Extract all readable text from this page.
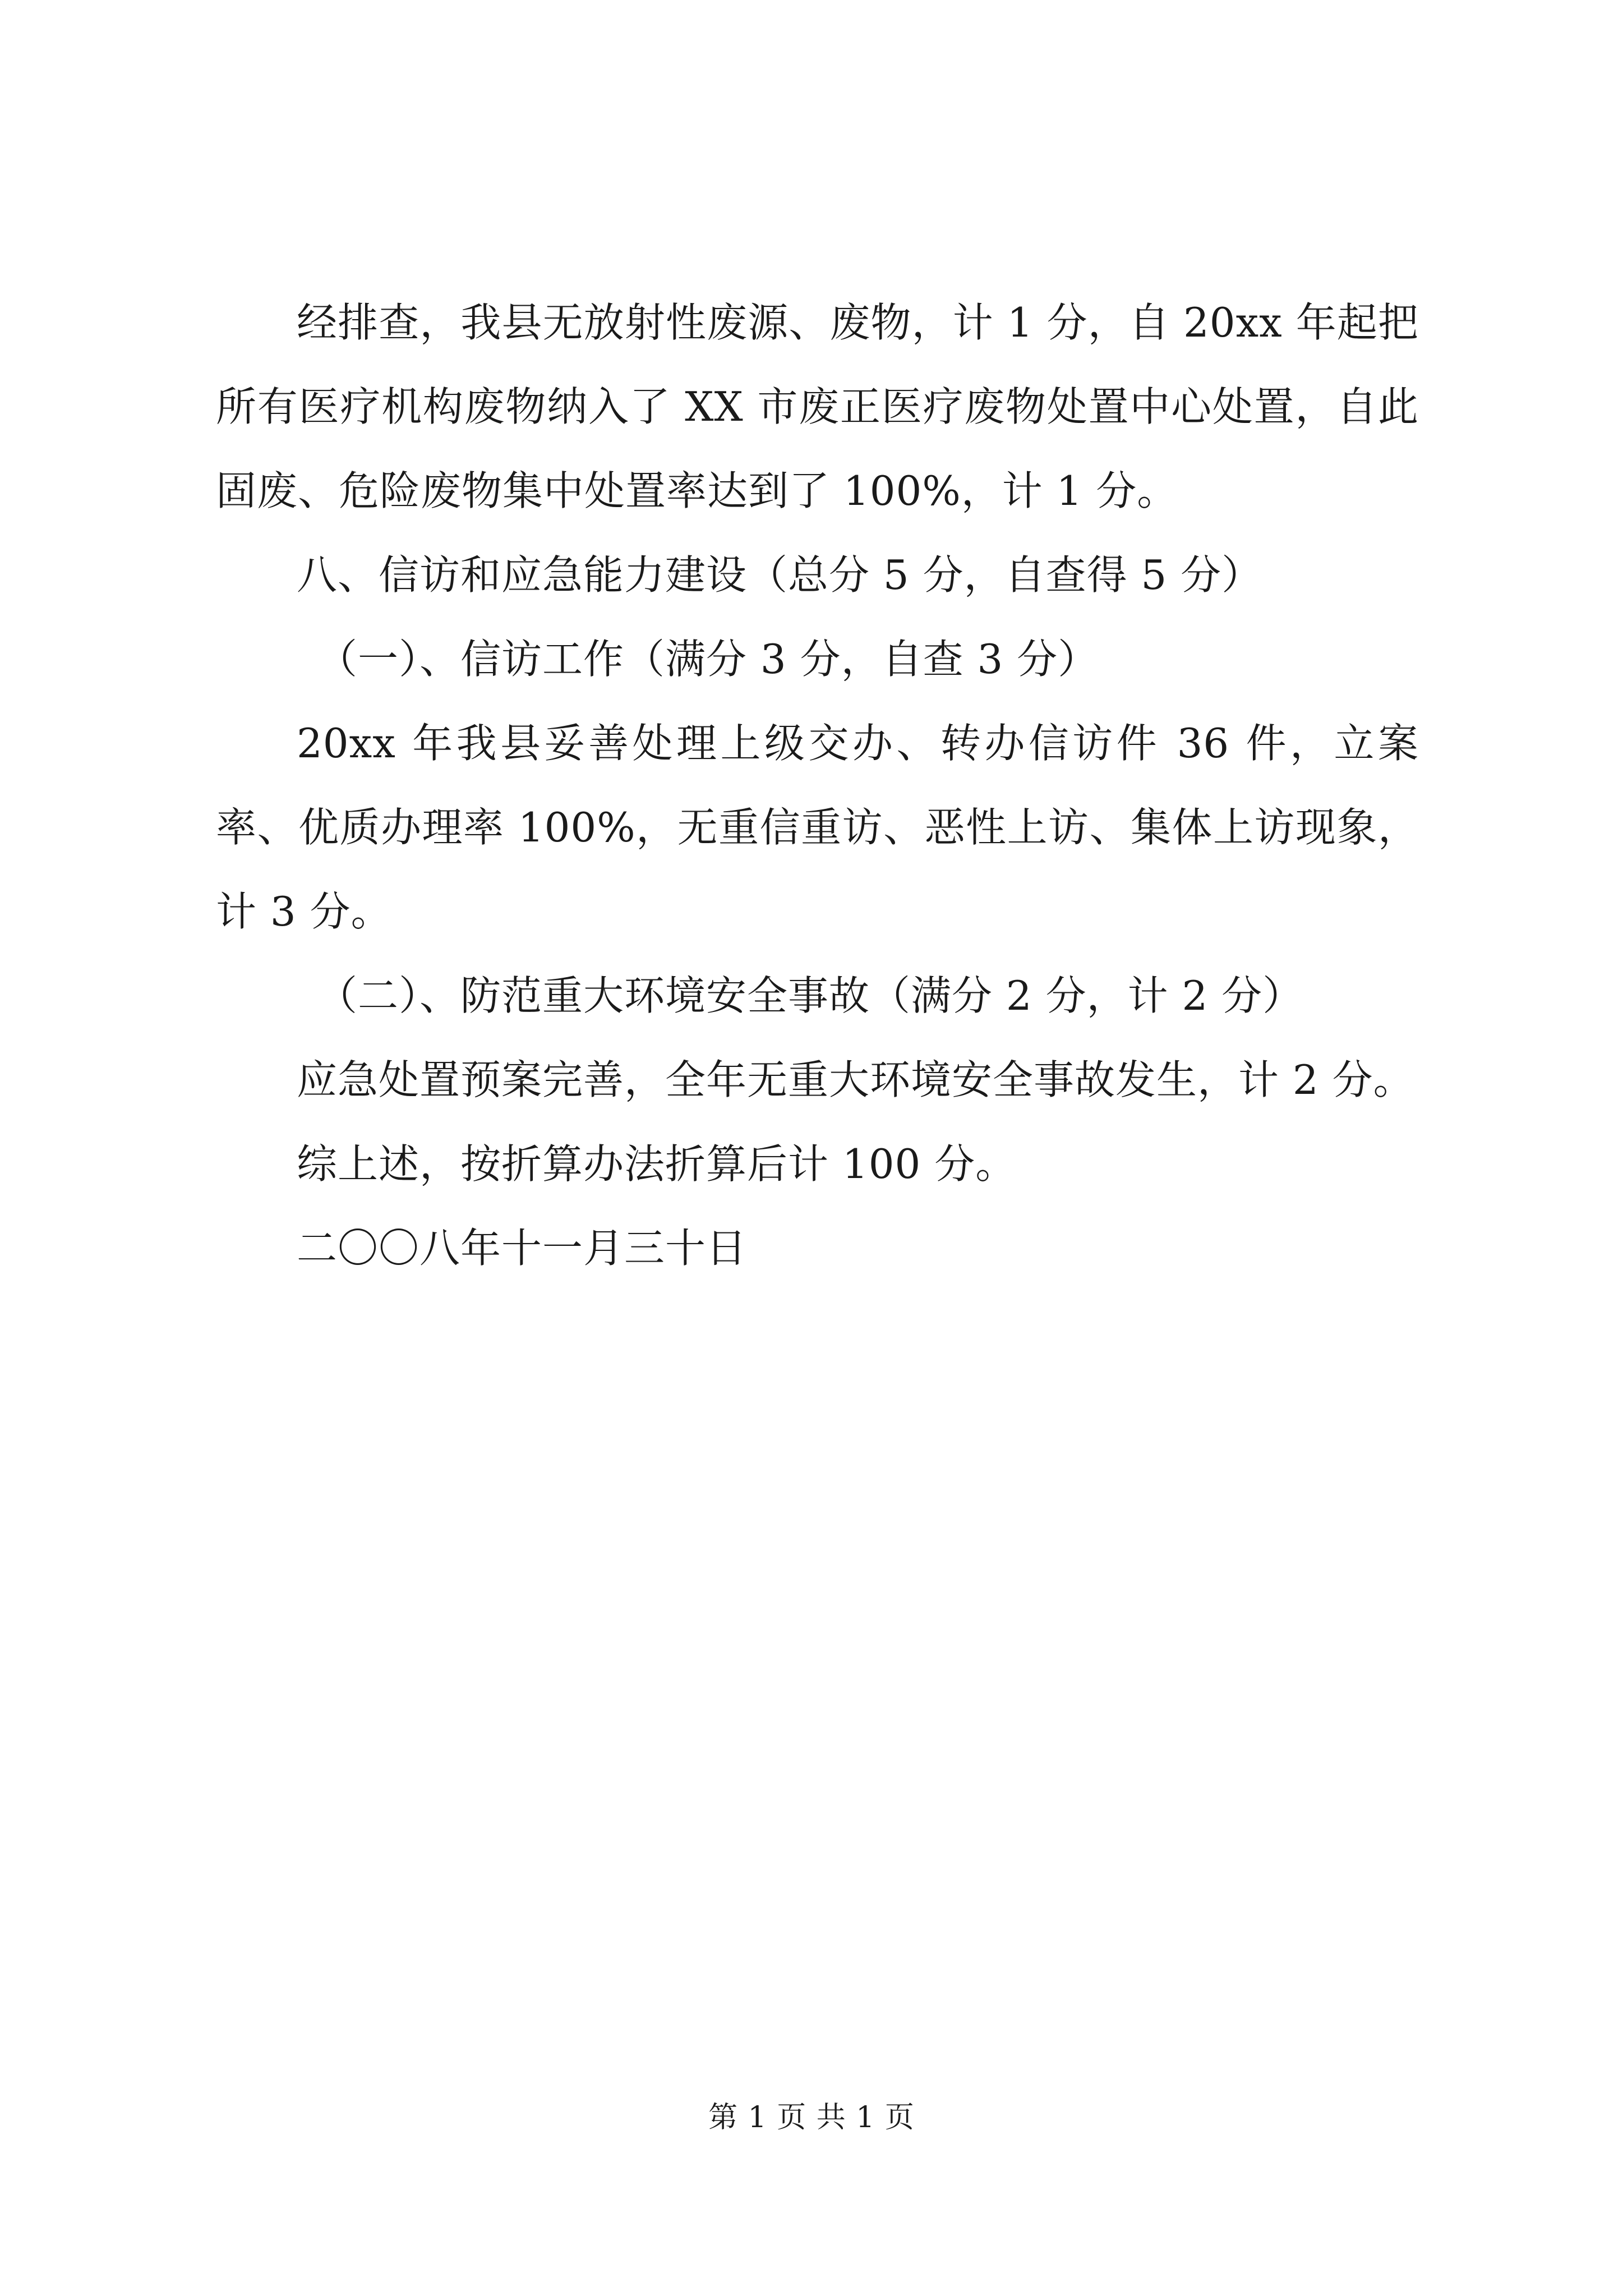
经排查，我县无放射性废源、废物，计 1 分，自 20xx 年起把所有医疗机构废物纳入了 XX 市废正医疗废物处置中心处置，自此固废、危险废物集中处置率达到了 100%，计 1 分。

八、信访和应急能力建设（总分 5 分，自查得 5 分）

（一）、信访工作（满分 3 分，自查 3 分）

20xx 年我县妥善处理上级交办、转办信访件 36 件，立案率、优质办理率 100%，无重信重访、恶性上访、集体上访现象，计 3 分。

（二）、防范重大环境安全事故（满分 2 分，计 2 分）

应急处置预案完善，全年无重大环境安全事故发生，计 2 分。

综上述，按折算办法折算后计 100 分。

二〇〇八年十一月三十日

第 1 页 共 1 页
